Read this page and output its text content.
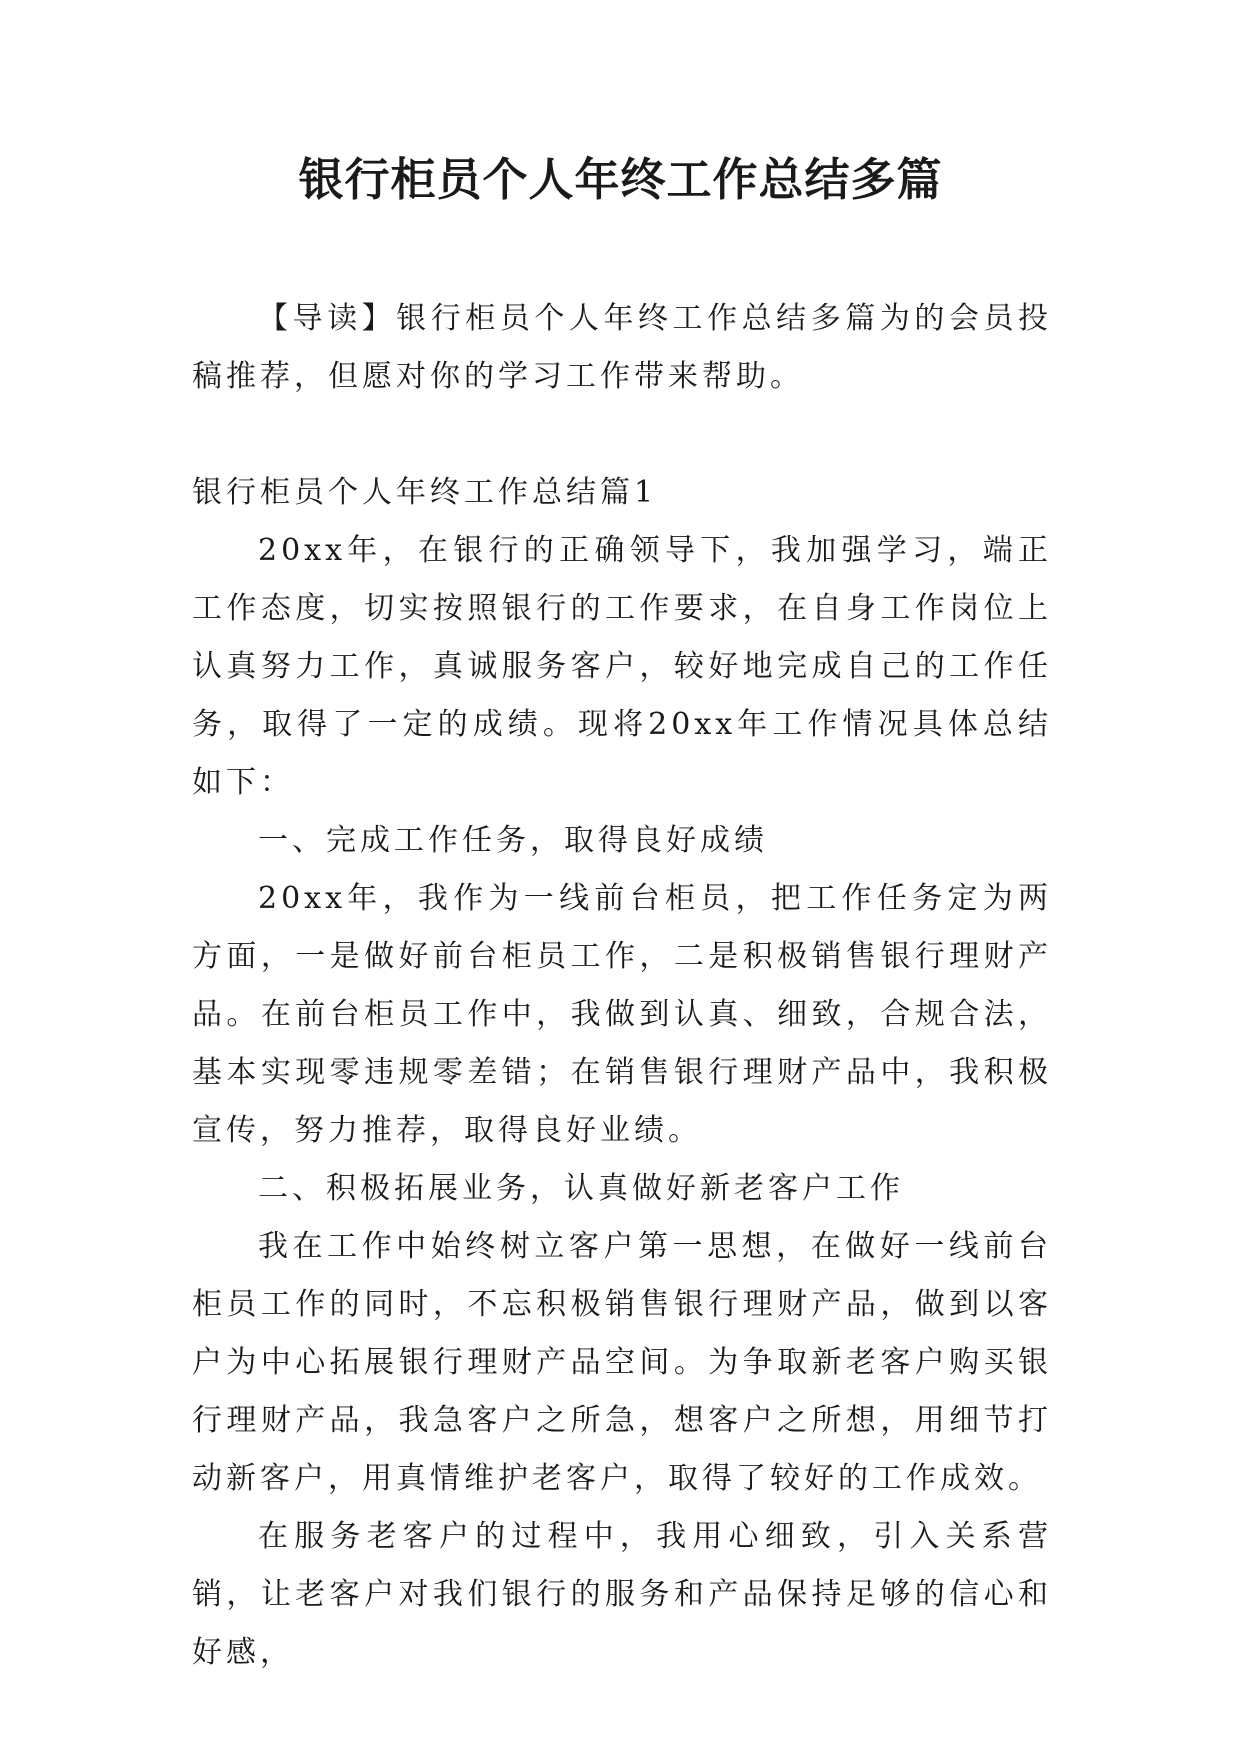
银行柜员个人年终工作总结多篇

【导读】银行柜员个人年终工作总结多篇为的会员投稿推荐，但愿对你的学习工作带来帮助。

银行柜员个人年终工作总结篇1

20xx年，在银行的正确领导下，我加强学习，端正工作态度，切实按照银行的工作要求，在自身工作岗位上认真努力工作，真诚服务客户，较好地完成自己的工作任务，取得了一定的成绩。现将20xx年工作情况具体总结如下：

一、完成工作任务，取得良好成绩

20xx年，我作为一线前台柜员，把工作任务定为两方面，一是做好前台柜员工作，二是积极销售银行理财产品。在前台柜员工作中，我做到认真、细致，合规合法，基本实现零违规零差错；在销售银行理财产品中，我积极宣传，努力推荐，取得良好业绩。

二、积极拓展业务，认真做好新老客户工作

我在工作中始终树立客户第一思想，在做好一线前台柜员工作的同时，不忘积极销售银行理财产品，做到以客户为中心拓展银行理财产品空间。为争取新老客户购买银行理财产品，我急客户之所急，想客户之所想，用细节打动新客户，用真情维护老客户，取得了较好的工作成效。

在服务老客户的过程中，我用心细致，引入关系营销，让老客户对我们银行的服务和产品保持足够的信心和好感，
